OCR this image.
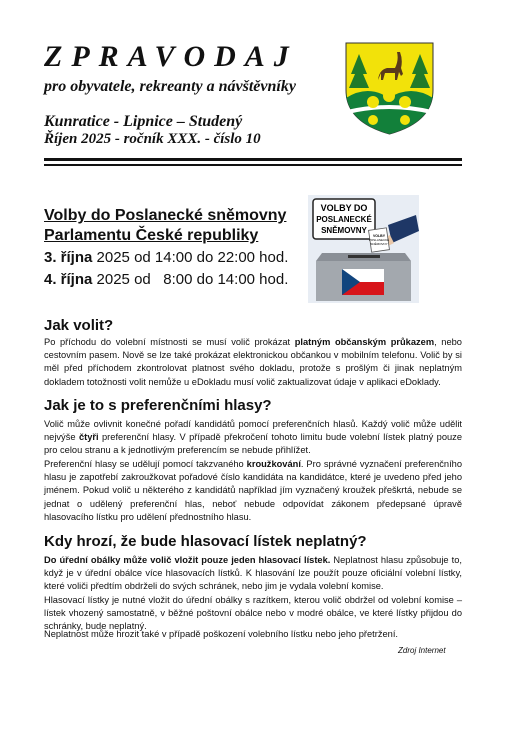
ZPRAVODAJ
pro obyvatele, rekreanty a návštěvníky
Kunratice - Lipnice – Studený
Říjen 2025 - ročník XXX. - číslo 10
Volby do Poslanecké sněmovny
Parlamentu České republiky
3. října 2025 od 14:00 do 22:00 hod.
4. října 2025 od   8:00 do 14:00 hod.
VOLBY DO
POSLANECKÉ
SNĚMOVNY
VOLBY
POSLANECKÉ
SNĚMOVNY
Jak volit?

Po příchodu do volební místnosti se musí volič prokázat platným občanským průkazem, nebo cestovním pasem. Nově se lze také prokázat elektronickou občankou v mobilním telefonu. Volič by si měl před příchodem zkontrolovat platnost svého dokladu, protože s prošlým či jinak neplatným dokladem totožnosti volit nemůže u eDokladu musí volič zaktualizovat údaje v aplikaci eDoklady.

Jak je to s preferenčními hlasy?

Volič může ovlivnit konečné pořadí kandidátů pomocí preferenčních hlasů. Každý volič může udělit nejvýše čtyři preferenční hlasy. V případě překročení tohoto limitu bude volební lístek platný pouze pro celou stranu a k jednotlivým preferencím se nebude přihlížet.

Preferenční hlasy se udělují pomocí takzvaného kroužkování. Pro správné vyznačení preferenčního hlasu je zapotřebí zakroužkovat pořadové číslo kandidáta na kandidátce, které je uvedeno před jeho jménem. Pokud volič u některého z kandidátů například jím vyznačený kroužek přeškrtá, nebude se jednat o udělený preferenční hlas, neboť nebude odpovídat zákonem předepsané úpravě hlasovacího lístku pro udělení přednostního hlasu.

Kdy hrozí, že bude hlasovací lístek neplatný?

Do úřední obálky může volič vložit pouze jeden hlasovací lístek. Neplatnost hlasu způsobuje to, když je v úřední obálce více hlasovacích lístků. K hlasování lze použít pouze oficiální volební lístky, které voliči předtím obdrželi do svých schránek, nebo jim je vydala volební komise.

Hlasovací lístky je nutné vložit do úřední obálky s razítkem, kterou volič obdržel od volební komise – lístek vhozený samostatně, v běžné poštovní obálce nebo v modré obálce, ve které lístky přijdou do schránky, bude neplatný.

Neplatnost může hrozit také v případě poškození volebního lístku nebo jeho přetržení.

Zdroj Internet
